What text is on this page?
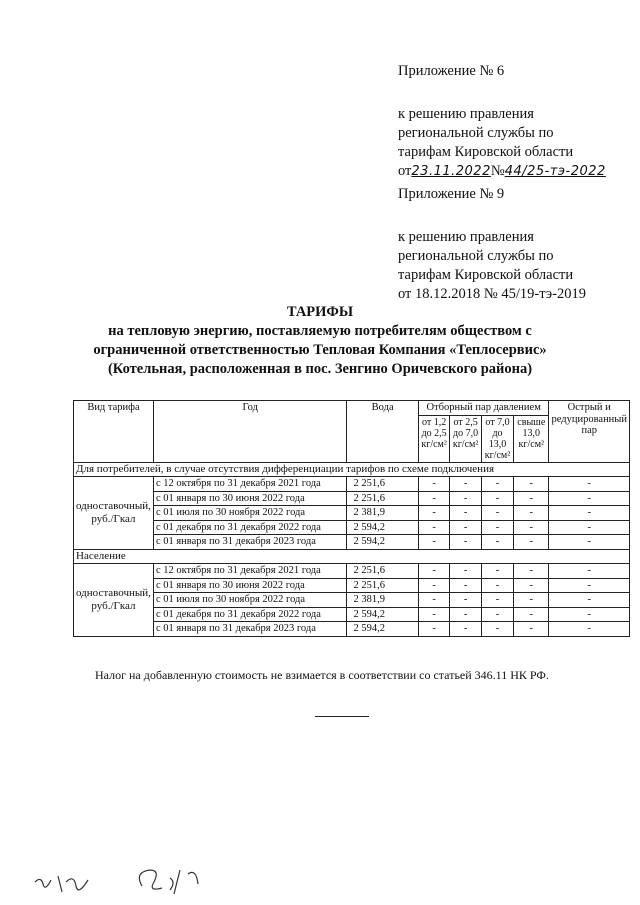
Приложение № 6
к решению правления
региональной службы по
тарифам Кировской области
от23.11.2022№44/25-тэ-2022
Приложение № 9
к решению правления
региональной службы по
тарифам Кировской области
от 18.12.2018 № 45/19-тэ-2019
ТАРИФЫ
на тепловую энергию, поставляемую потребителям обществом с
ограниченной ответственностью Тепловая Компания «Теплосервис»
(Котельная, расположенная в пос. Зенгино Оричевского района)
Вид тарифа	Год	Вода	Отборный пар давлением				Острый и редуцированный пар
			от 1,2 до 2,5 кг/см²	от 2,5 до 7,0 кг/см²	от 7,0 до 13,0 кг/см²	свыше 13,0 кг/см²	
Для потребителей, в случае отсутствия дифференциации тарифов по схеме подключения							
одноставочный, руб./Гкал	с 12 октября по 31 декабря 2021 года	2 251,6	-	-	-	-	-
	с 01 января по 30 июня 2022 года	2 251,6	-	-	-	-	-
	с 01 июля по 30 ноября 2022 года	2 381,9	-	-	-	-	-
	с 01 декабря по 31 декабря 2022 года	2 594,2	-	-	-	-	-
	с 01 января по 31 декабря 2023 года	2 594,2	-	-	-	-	-
Население							
одноставочный, руб./Гкал	с 12 октября по 31 декабря 2021 года	2 251,6	-	-	-	-	-
	с 01 января по 30 июня 2022 года	2 251,6	-	-	-	-	-
	с 01 июля по 30 ноября 2022 года	2 381,9	-	-	-	-	-
	с 01 декабря по 31 декабря 2022 года	2 594,2	-	-	-	-	-
	с 01 января по 31 декабря 2023 года	2 594,2	-	-	-	-	-
Налог на добавленную стоимость не взимается в соответствии со статьей 346.11 НК РФ.
